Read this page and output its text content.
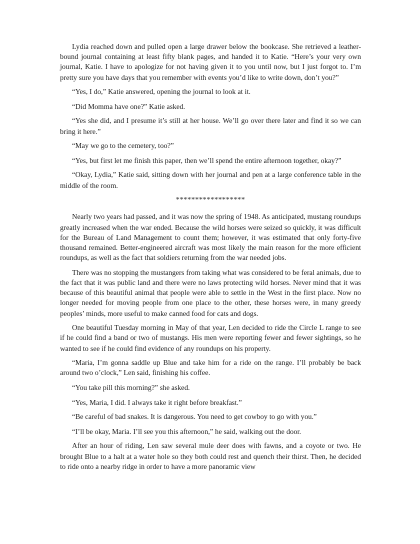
Lydia reached down and pulled open a large drawer below the bookcase. She retrieved a leather-bound journal containing at least fifty blank pages, and handed it to Katie. “Here’s your very own journal, Katie. I have to apologize for not having given it to you until now, but I just forgot to. I’m pretty sure you have days that you remember with events you’d like to write down, don’t you?”

“Yes, I do,” Katie answered, opening the journal to look at it.

“Did Momma have one?” Katie asked.

“Yes she did, and I presume it’s still at her house. We’ll go over there later and find it so we can bring it here.”

“May we go to the cemetery, too?”

“Yes, but first let me finish this paper, then we’ll spend the entire afternoon together, okay?”

“Okay, Lydia,” Katie said, sitting down with her journal and pen at a large conference table in the middle of the room.

******************

Nearly two years had passed, and it was now the spring of 1948. As anticipated, mustang roundups greatly increased when the war ended. Because the wild horses were seized so quickly, it was difficult for the Bureau of Land Management to count them; however, it was estimated that only forty-five thousand remained. Better-engineered aircraft was most likely the main reason for the more efficient roundups, as well as the fact that soldiers returning from the war needed jobs.

There was no stopping the mustangers from taking what was considered to be feral animals, due to the fact that it was public land and there were no laws protecting wild horses. Never mind that it was because of this beautiful animal that people were able to settle in the West in the first place. Now no longer needed for moving people from one place to the other, these horses were, in many greedy peoples’ minds, more useful to make canned food for cats and dogs.

One beautiful Tuesday morning in May of that year, Len decided to ride the Circle L range to see if he could find a band or two of mustangs. His men were reporting fewer and fewer sightings, so he wanted to see if he could find evidence of any roundups on his property.

“Maria, I’m gonna saddle up Blue and take him for a ride on the range. I’ll probably be back around two o’clock,” Len said, finishing his coffee.

“You take pill this morning?” she asked.

“Yes, Maria, I did. I always take it right before breakfast.”

“Be careful of bad snakes. It is dangerous. You need to get cowboy to go with you.”

“I’ll be okay, Maria. I’ll see you this afternoon,” he said, walking out the door.

After an hour of riding, Len saw several mule deer does with fawns, and a coyote or two. He brought Blue to a halt at a water hole so they both could rest and quench their thirst. Then, he decided to ride onto a nearby ridge in order to have a more panoramic view
